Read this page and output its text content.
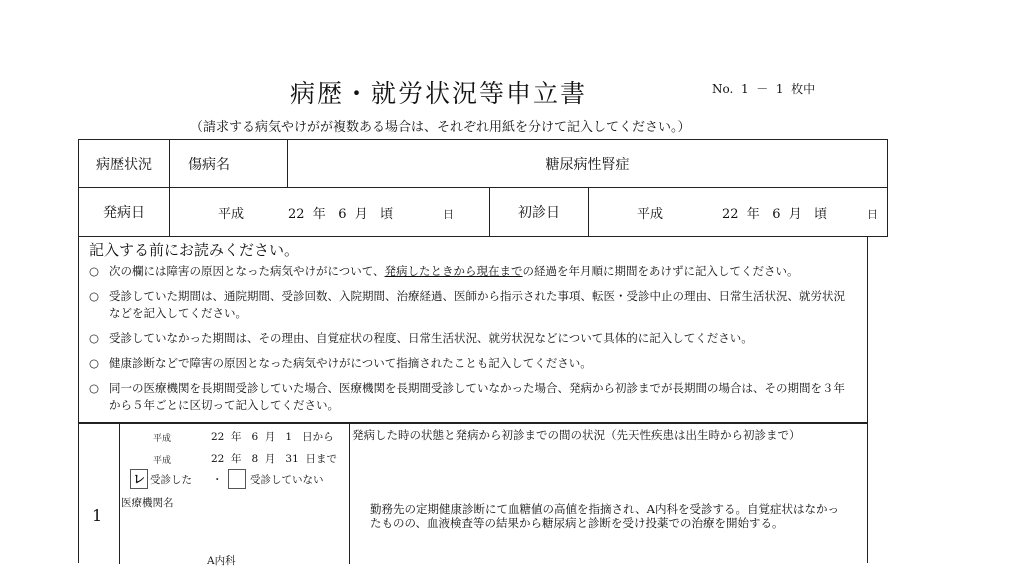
病歴・就労状況等申立書	No.  1  －  1  枚中
（請求する病気やけがが複数ある場合は、それぞれ用紙を分けて記入してください。）
病歴状況	傷病名	糖尿病性腎症		
発病日	平成 22  年   6  月   頃 日		初診日	平成 22  年   6  月   頃 日
記入する前にお読みください。
○ 次の欄には障害の原因となった病気やけがについて、発病したときから現在までの経過を年月順に期間をあけずに記入してください。
○ 受診していた期間は、通院期間、受診回数、入院期間、治療経過、医師から指示された事項、転医・受診中止の理由、日常生活状況、就労状況などを記入してください。
○ 受診していなかった期間は、その理由、自覚症状の程度、日常生活状況、就労状況などについて具体的に記入してください。
○ 健康診断などで障害の原因となった病気やけがについて指摘されたことも記入してください。
○ 同一の医療機関を長期間受診していた場合、医療機関を長期間受診していなかった場合、発病から初診までが長期間の場合は、その期間を３年から５年ごとに区切って記入してください。
1
平成	22  年   6  月   1   日から
平成	22  年   8  月   31  日まで
レ 受診した ・	受診していない
医療機関名
A内科
発病した時の状態と発病から初診までの間の状況（先天性疾患は出生時から初診まで）
勤務先の定期健康診断にて血糖値の高値を指摘され、A内科を受診する。自覚症状はなかったものの、血液検査等の結果から糖尿病と診断を受け投薬での治療を開始する。
